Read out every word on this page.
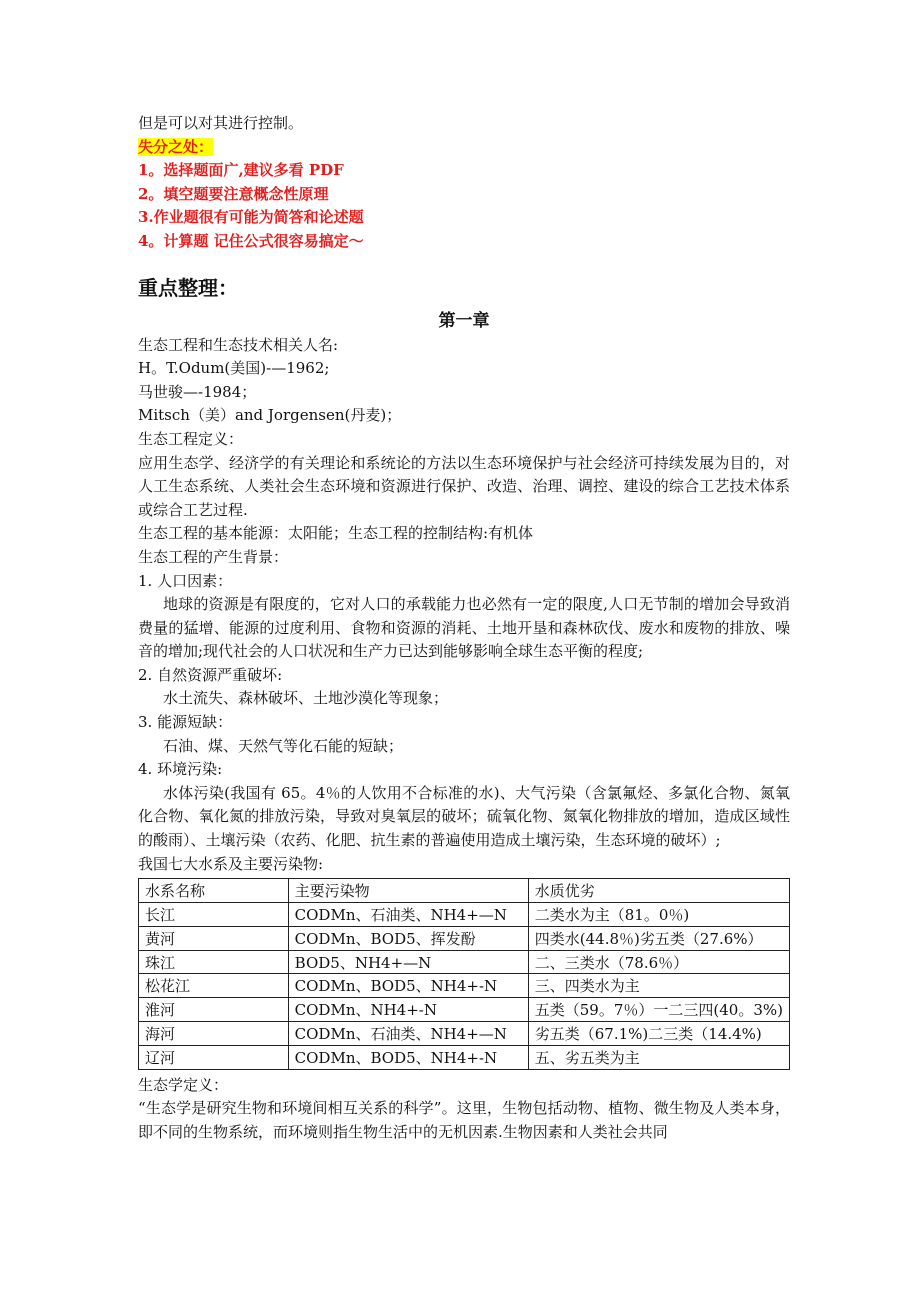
但是可以对其进行控制。
失分之处：
1。选择题面广,建议多看 PDF
2。填空题要注意概念性原理
3.作业题很有可能为简答和论述题
4。计算题 记住公式很容易搞定～
重点整理：
第一章
生态工程和生态技术相关人名:
H。T.Odum(美国)-—1962;
马世骏—-1984；
Mitsch（美）and Jorgensen(丹麦)；
生态工程定义：
应用生态学、经济学的有关理论和系统论的方法以生态环境保护与社会经济可持续发展为目的，对人工生态系统、人类社会生态环境和资源进行保护、改造、治理、调控、建设的综合工艺技术体系或综合工艺过程.
生态工程的基本能源：太阳能；生态工程的控制结构:有机体
生态工程的产生背景：
1. 人口因素：
地球的资源是有限度的，它对人口的承载能力也必然有一定的限度,人口无节制的增加会导致消费量的猛增、能源的过度利用、食物和资源的消耗、土地开垦和森林砍伐、废水和废物的排放、噪音的增加;现代社会的人口状况和生产力已达到能够影响全球生态平衡的程度;
2. 自然资源严重破坏:
水土流失、森林破坏、土地沙漠化等现象；
3. 能源短缺：
石油、煤、天然气等化石能的短缺；
4. 环境污染:
水体污染(我国有 65。4％的人饮用不合标准的水)、大气污染（含氯氟烃、多氯化合物、氮氧化合物、氧化氮的排放污染，导致对臭氧层的破坏；硫氧化物、氮氧化物排放的增加，造成区域性的酸雨）、土壤污染（农药、化肥、抗生素的普遍使用造成土壤污染，生态环境的破坏）;
我国七大水系及主要污染物:
水系名称	主要污染物	水质优劣
长江	CODMn、石油类、NH4+—N	二类水为主（81。0％)
黄河	CODMn、BOD5、挥发酚	四类水(44.8％)劣五类（27.6%）
珠江	BOD5、NH4+—N	二、三类水（78.6％）
松花江	CODMn、BOD5、NH4+-N	三、四类水为主
淮河	CODMn、NH4+-N	五类（59。7％）一二三四(40。3%)
海河	CODMn、石油类、NH4+—N	劣五类（67.1%)二三类（14.4%)
辽河	CODMn、BOD5、NH4+-N	五、劣五类为主
生态学定义：
“生态学是研究生物和环境间相互关系的科学”。这里，生物包括动物、植物、微生物及人类本身，即不同的生物系统，而环境则指生物生活中的无机因素.生物因素和人类社会共同
